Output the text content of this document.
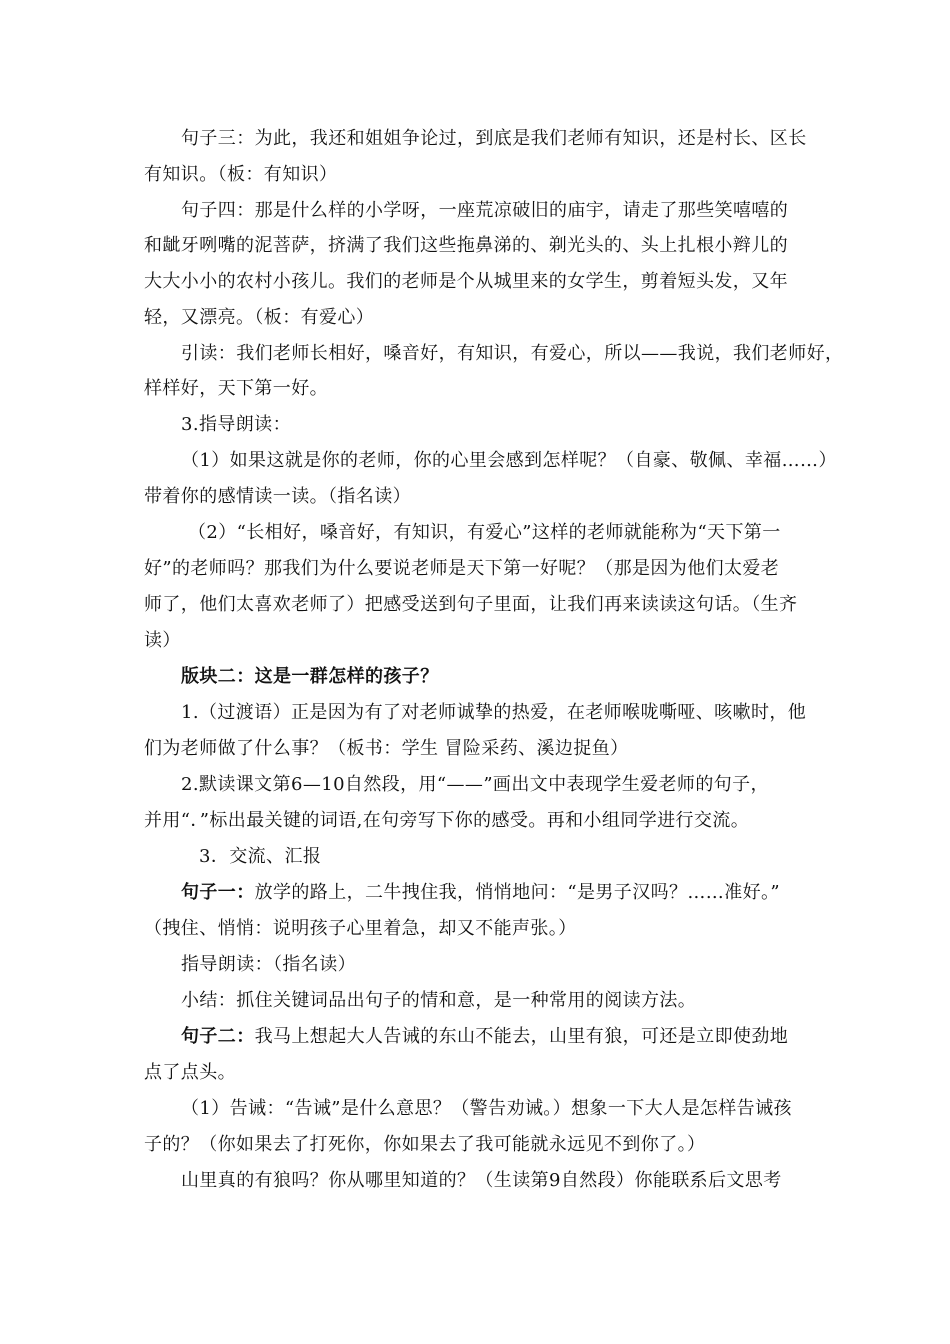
句子三：为此，我还和姐姐争论过，到底是我们老师有知识，还是村长、区长
有知识。（板：有知识）
句子四：那是什么样的小学呀，一座荒凉破旧的庙宇，请走了那些笑嘻嘻的
和龇牙咧嘴的泥菩萨，挤满了我们这些拖鼻涕的、剃光头的、头上扎根小辫儿的
大大小小的农村小孩儿。我们的老师是个从城里来的女学生，剪着短头发，又年
轻，又漂亮。（板：有爱心）
引读：我们老师长相好，嗓音好，有知识，有爱心，所以——我说，我们老师好，
样样好，天下第一好。
3.指导朗读：
（1）如果这就是你的老师，你的心里会感到怎样呢？（自豪、敬佩、幸福……）
带着你的感情读一读。（指名读）
（2）“长相好，嗓音好，有知识，有爱心”这样的老师就能称为“天下第一
好”的老师吗？那我们为什么要说老师是天下第一好呢？（那是因为他们太爱老
师了，他们太喜欢老师了）把感受送到句子里面，让我们再来读读这句话。（生齐
读）
版块二：这是一群怎样的孩子？
1.（过渡语）正是因为有了对老师诚挚的热爱，在老师喉咙嘶哑、咳嗽时，他
们为老师做了什么事？（板书：学生 冒险采药、溪边捉鱼）
2.默读课文第6—10自然段，用“——”画出文中表现学生爱老师的句子，
并用“．”标出最关键的词语,在句旁写下你的感受。再和小组同学进行交流。
3．交流、汇报
句子一：放学的路上，二牛拽住我，悄悄地问：“是男子汉吗？……准好。”
（拽住、悄悄：说明孩子心里着急，却又不能声张。）
指导朗读：（指名读）
小结：抓住关键词品出句子的情和意，是一种常用的阅读方法。
句子二：我马上想起大人告诫的东山不能去，山里有狼，可还是立即使劲地
点了点头。
（1）告诫：“告诫”是什么意思？（警告劝诫。）想象一下大人是怎样告诫孩
子的？（你如果去了打死你，你如果去了我可能就永远见不到你了。）
山里真的有狼吗？你从哪里知道的？（生读第9自然段）你能联系后文思考
